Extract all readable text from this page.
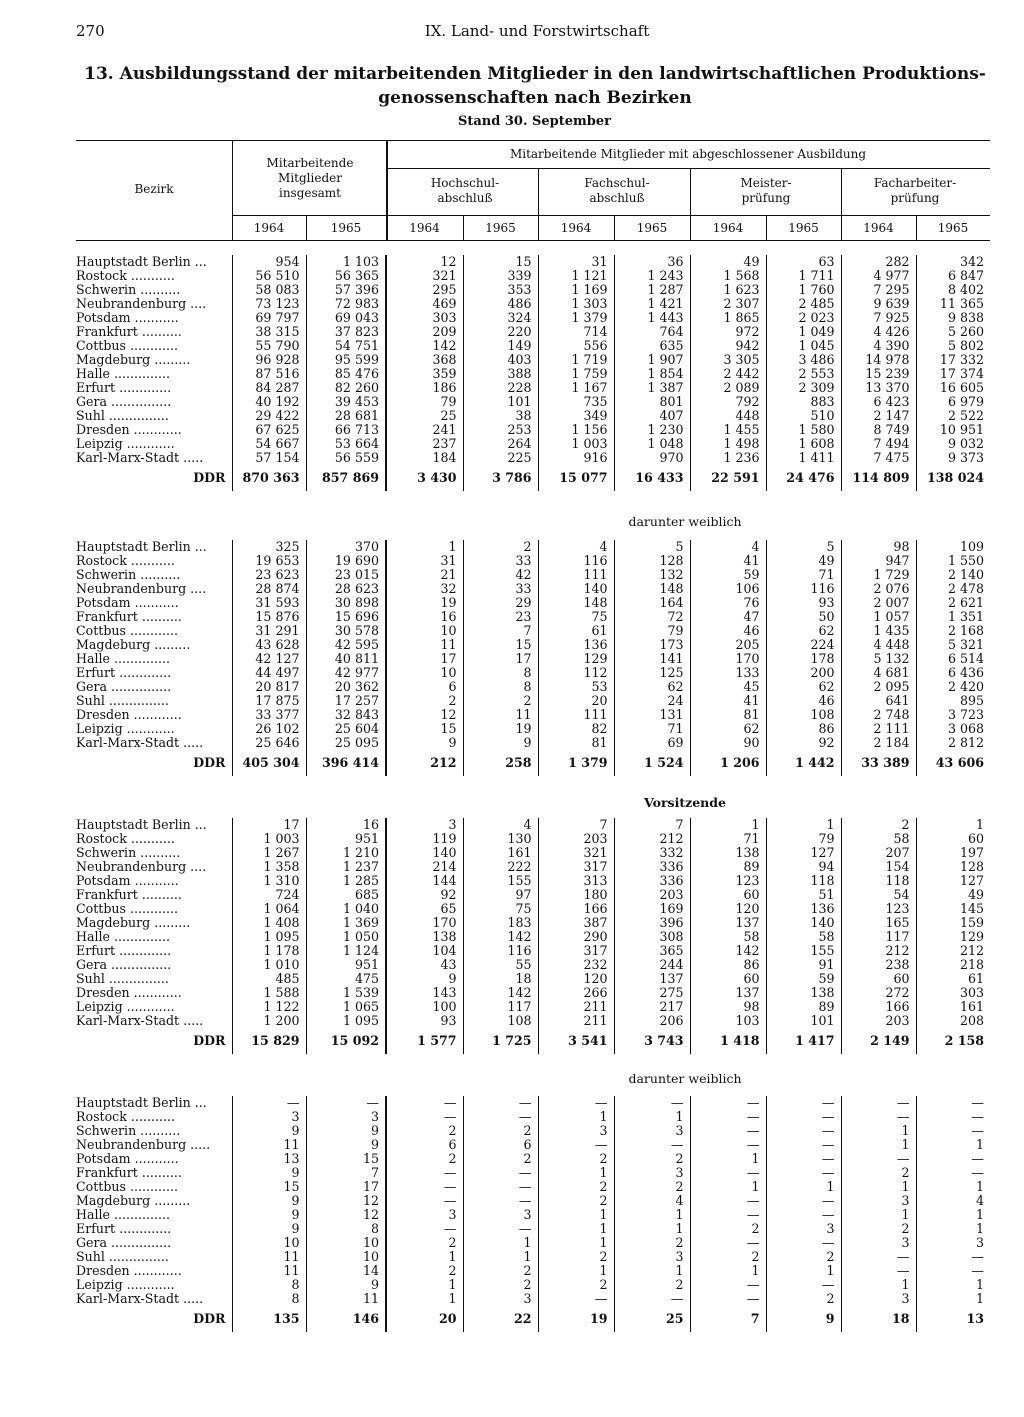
270	IX. Land- und Forstwirtschaft
13. Ausbildungsstand der mitarbeitenden Mitglieder in den landwirtschaftlichen Produktions-
genossenschaften nach Bezirken
Stand 30. September
Bezirk
Mitarbeitende Mitglieder insgesamt
Mitarbeitende Mitglieder mit abgeschlossener Ausbildung
Hochschul-abschluß
Fachschul-abschluß
Meister-prüfung
Facharbeiter-prüfung
1964	1965	1964	1965	1964	1965	1964	1965	1964	1965
darunter weiblich
Vorsitzende
darunter weiblich
Hauptstadt Berlin ...	954	1 103	12	15	31	36	49	63	282	342
Rostock ...........	56 510	56 365	321	339	1 121	1 243	1 568	1 711	4 977	6 847
Schwerin ..........	58 083	57 396	295	353	1 169	1 287	1 623	1 760	7 295	8 402
Neubrandenburg ....	73 123	72 983	469	486	1 303	1 421	2 307	2 485	9 639	11 365
Potsdam ...........	69 797	69 043	303	324	1 379	1 443	1 865	2 023	7 925	9 838
Frankfurt ..........	38 315	37 823	209	220	714	764	972	1 049	4 426	5 260
Cottbus ............	55 790	54 751	142	149	556	635	942	1 045	4 390	5 802
Magdeburg .........	96 928	95 599	368	403	1 719	1 907	3 305	3 486	14 978	17 332
Halle ..............	87 516	85 476	359	388	1 759	1 854	2 442	2 553	15 239	17 374
Erfurt .............	84 287	82 260	186	228	1 167	1 387	2 089	2 309	13 370	16 605
Gera ...............	40 192	39 453	79	101	735	801	792	883	6 423	6 979
Suhl ...............	29 422	28 681	25	38	349	407	448	510	2 147	2 522
Dresden ............	67 625	66 713	241	253	1 156	1 230	1 455	1 580	8 749	10 951
Leipzig ............	54 667	53 664	237	264	1 003	1 048	1 498	1 608	7 494	9 032
Karl-Marx-Stadt .....	57 154	56 559	184	225	916	970	1 236	1 411	7 475	9 373
DDR	870 363	857 869	3 430	3 786	15 077	16 433	22 591	24 476	114 809	138 024
Hauptstadt Berlin ...	325	370	1	2	4	5	4	5	98	109
Rostock ...........	19 653	19 690	31	33	116	128	41	49	947	1 550
Schwerin ..........	23 623	23 015	21	42	111	132	59	71	1 729	2 140
Neubrandenburg ....	28 874	28 623	32	33	140	148	106	116	2 076	2 478
Potsdam ...........	31 593	30 898	19	29	148	164	76	93	2 007	2 621
Frankfurt ..........	15 876	15 696	16	23	75	72	47	50	1 057	1 351
Cottbus ............	31 291	30 578	10	7	61	79	46	62	1 435	2 168
Magdeburg .........	43 628	42 595	11	15	136	173	205	224	4 448	5 321
Halle ..............	42 127	40 811	17	17	129	141	170	178	5 132	6 514
Erfurt .............	44 497	42 977	10	8	112	125	133	200	4 681	6 436
Gera ...............	20 817	20 362	6	8	53	62	45	62	2 095	2 420
Suhl ...............	17 875	17 257	2	2	20	24	41	46	641	895
Dresden ............	33 377	32 843	12	11	111	131	81	108	2 748	3 723
Leipzig ............	26 102	25 604	15	19	82	71	62	86	2 111	3 068
Karl-Marx-Stadt .....	25 646	25 095	9	9	81	69	90	92	2 184	2 812
DDR	405 304	396 414	212	258	1 379	1 524	1 206	1 442	33 389	43 606
Hauptstadt Berlin ...	17	16	3	4	7	7	1	1	2	1
Rostock ...........	1 003	951	119	130	203	212	71	79	58	60
Schwerin ..........	1 267	1 210	140	161	321	332	138	127	207	197
Neubrandenburg ....	1 358	1 237	214	222	317	336	89	94	154	128
Potsdam ...........	1 310	1 285	144	155	313	336	123	118	118	127
Frankfurt ..........	724	685	92	97	180	203	60	51	54	49
Cottbus ............	1 064	1 040	65	75	166	169	120	136	123	145
Magdeburg .........	1 408	1 369	170	183	387	396	137	140	165	159
Halle ..............	1 095	1 050	138	142	290	308	58	58	117	129
Erfurt .............	1 178	1 124	104	116	317	365	142	155	212	212
Gera ...............	1 010	951	43	55	232	244	86	91	238	218
Suhl ...............	485	475	9	18	120	137	60	59	60	61
Dresden ............	1 588	1 539	143	142	266	275	137	138	272	303
Leipzig ............	1 122	1 065	100	117	211	217	98	89	166	161
Karl-Marx-Stadt .....	1 200	1 095	93	108	211	206	103	101	203	208
DDR	15 829	15 092	1 577	1 725	3 541	3 743	1 418	1 417	2 149	2 158
Hauptstadt Berlin ...	—	—	—	—	—	—	—	—	—	—
Rostock ...........	3	3	—	—	1	1	—	—	—	—
Schwerin ..........	9	9	2	2	3	3	—	—	1	—
Neubrandenburg .....	11	9	6	6	—	—	—	—	1	1
Potsdam ...........	13	15	2	2	2	2	1	—	—	—
Frankfurt ..........	9	7	—	—	1	3	—	—	2	—
Cottbus ............	15	17	—	—	2	2	1	1	1	1
Magdeburg .........	9	12	—	—	2	4	—	—	3	4
Halle ..............	9	12	3	3	1	1	—	—	1	1
Erfurt .............	9	8	—	—	1	1	2	3	2	1
Gera ...............	10	10	2	1	1	2	—	—	3	3
Suhl ...............	11	10	1	1	2	3	2	2	—	—
Dresden ............	11	14	2	2	1	1	1	1	—	—
Leipzig ............	8	9	1	2	2	2	—	—	1	1
Karl-Marx-Stadt .....	8	11	1	3	—	—	—	2	3	1
DDR	135	146	20	22	19	25	7	9	18	13
